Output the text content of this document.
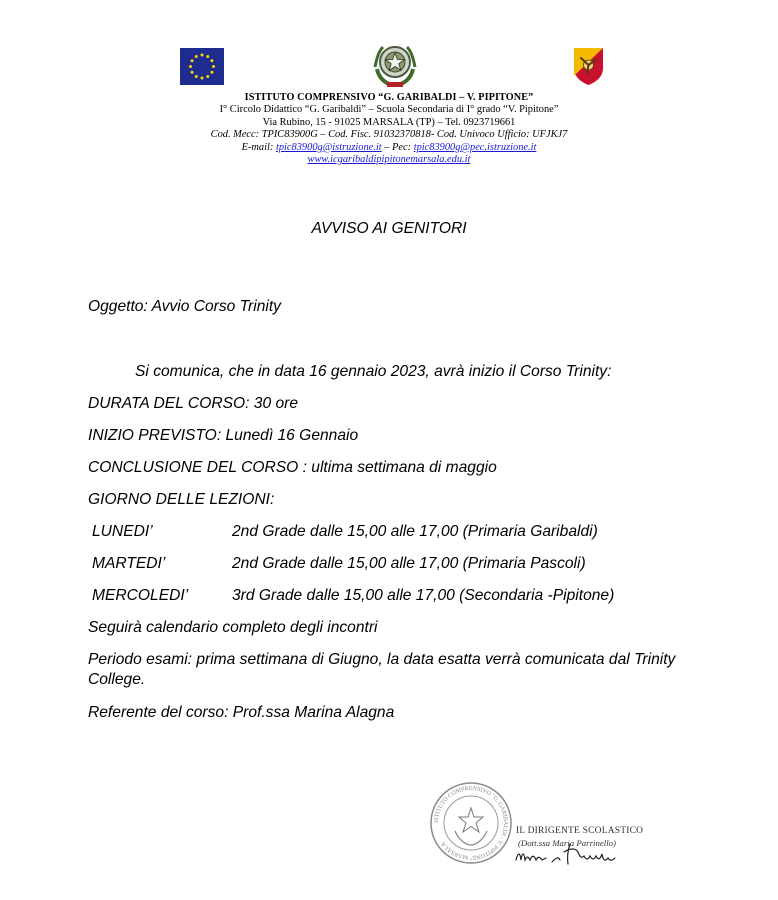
ISTITUTO COMPRENSIVO “G. GARIBALDI – V. PIPITONE”
I° Circolo Didattico “G. Garibaldi” – Scuola Secondaria di I° grado “V. Pipitone”
Via Rubino, 15 - 91025 MARSALA (TP) – Tel. 0923719661
Cod. Mecc: TPIC83900G – Cod. Fisc. 91032370818- Cod. Univoco Ufficio: UFJKJ7
E-mail: tpic83900g@istruzione.it – Pec: tpic83900g@pec.istruzione.it
www.icgaribaldipipitonemarsala.edu.it
AVVISO AI GENITORI
Oggetto: Avvio Corso Trinity
Si comunica, che in data 16 gennaio 2023, avrà inizio il Corso Trinity:
DURATA DEL CORSO: 30 ore
INIZIO PREVISTO: Lunedì 16 Gennaio
CONCLUSIONE DEL CORSO : ultima settimana di maggio
GIORNO DELLE LEZIONI:
LUNEDI’	2nd Grade dalle 15,00 alle 17,00 (Primaria Garibaldi)
MARTEDI’	2nd Grade dalle 15,00 alle 17,00 (Primaria Pascoli)
MERCOLEDI’	3rd Grade dalle 15,00 alle 17,00 (Secondaria -Pipitone)
Seguirà calendario completo degli incontri
Periodo esami: prima settimana di Giugno, la data esatta verrà comunicata dal Trinity College.
Referente del corso: Prof.ssa Marina Alagna
ISTITUTO COMPRENSIVO "G. GARIBALDI - V. PIPITONE" MARSALA
IL DIRIGENTE SCOLASTICO
(Dott.ssa Maria Parrinello)
